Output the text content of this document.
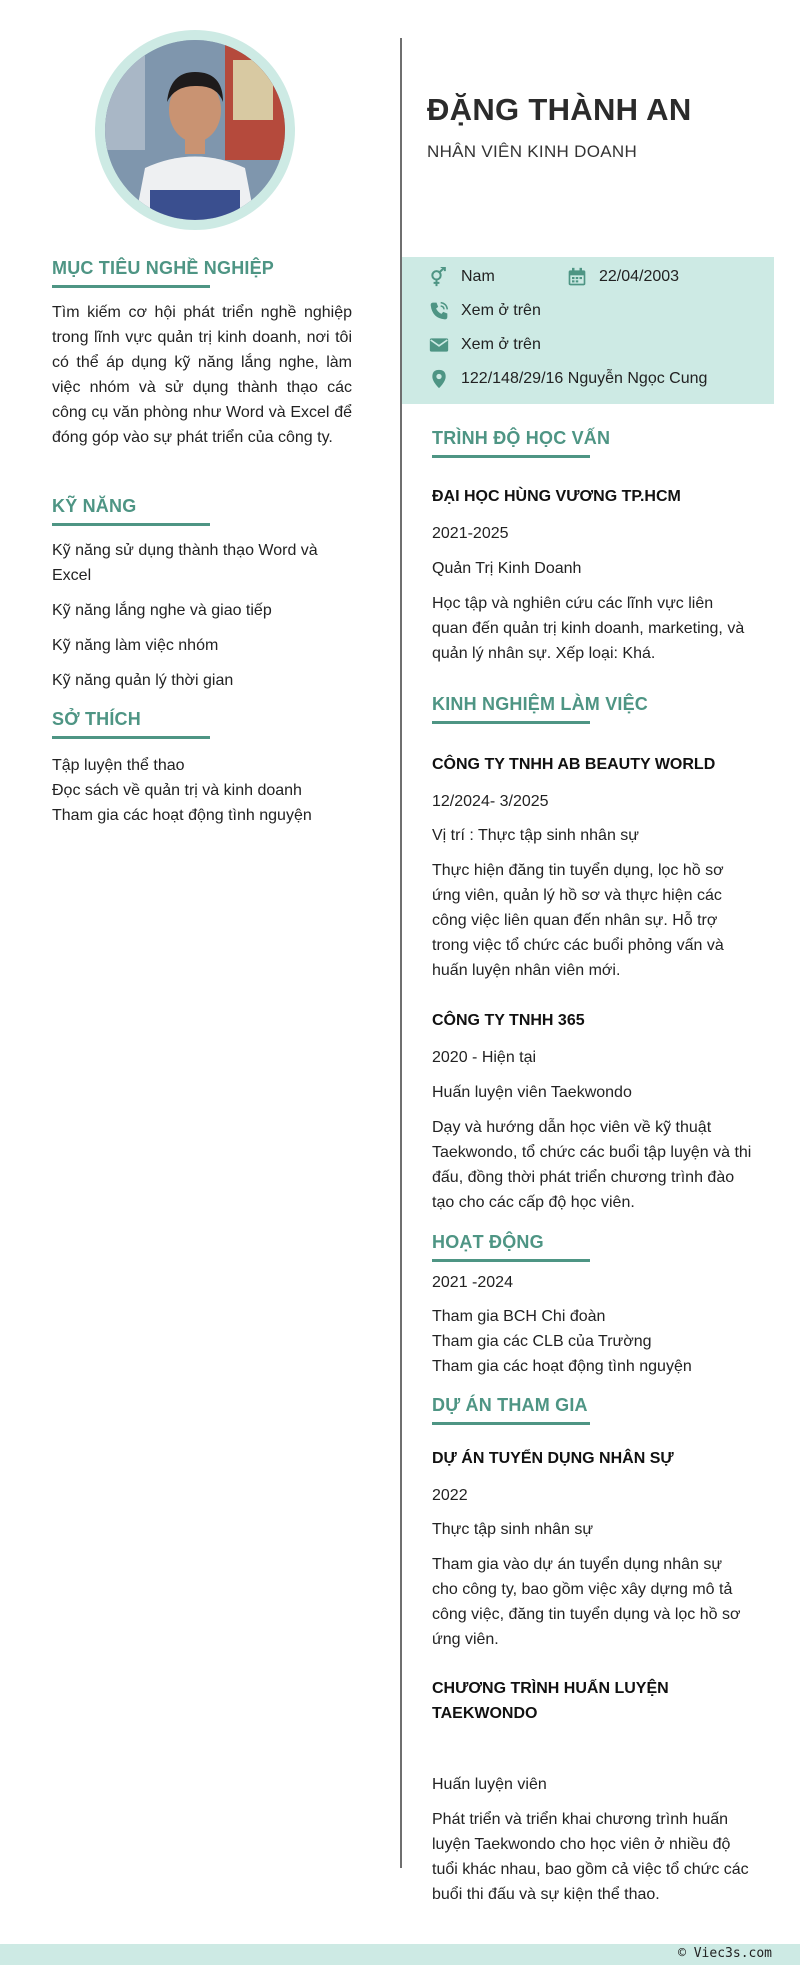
MỤC TIÊU NGHỀ NGHIỆP
Tìm kiếm cơ hội phát triển nghề nghiệp trong lĩnh vực quản trị kinh doanh, nơi tôi có thể áp dụng kỹ năng lắng nghe, làm việc nhóm và sử dụng thành thạo các công cụ văn phòng như Word và Excel để đóng góp vào sự phát triển của công ty.
KỸ NĂNG
Kỹ năng sử dụng thành thạo Word và Excel
Kỹ năng lắng nghe và giao tiếp
Kỹ năng làm việc nhóm
Kỹ năng quản lý thời gian
SỞ THÍCH
Tập luyện thể thao
Đọc sách về quản trị và kinh doanh
Tham gia các hoạt động tình nguyện
ĐẶNG THÀNH AN
NHÂN VIÊN KINH DOANH
Nam	22/04/2003
Xem ở trên
Xem ở trên
122/148/29/16 Nguyễn Ngọc Cung
TRÌNH ĐỘ HỌC VẤN
ĐẠI HỌC HÙNG VƯƠNG TP.HCM
2021-2025
Quản Trị Kinh Doanh
Học tập và nghiên cứu các lĩnh vực liên quan đến quản trị kinh doanh, marketing, và quản lý nhân sự. Xếp loại: Khá.
KINH NGHIỆM LÀM VIỆC
CÔNG TY TNHH AB BEAUTY WORLD
12/2024- 3/2025
Vị trí : Thực tập sinh nhân sự
Thực hiện đăng tin tuyển dụng, lọc hồ sơ ứng viên, quản lý hồ sơ và thực hiện các công việc liên quan đến nhân sự. Hỗ trợ trong việc tổ chức các buổi phỏng vấn và huấn luyện nhân viên mới.
CÔNG TY TNHH 365
2020 - Hiện tại
Huấn luyện viên Taekwondo
Dạy và hướng dẫn học viên về kỹ thuật Taekwondo, tổ chức các buổi tập luyện và thi đấu, đồng thời phát triển chương trình đào tạo cho các cấp độ học viên.
HOẠT ĐỘNG
2021 -2024
Tham gia BCH Chi đoàn
Tham gia các CLB của Trường
Tham gia các hoạt động tình nguyện
DỰ ÁN THAM GIA
DỰ ÁN TUYỂN DỤNG NHÂN SỰ
2022
Thực tập sinh nhân sự
Tham gia vào dự án tuyển dụng nhân sự cho công ty, bao gồm việc xây dựng mô tả công việc, đăng tin tuyển dụng và lọc hồ sơ ứng viên.
CHƯƠNG TRÌNH HUẤN LUYỆN TAEKWONDO
Huấn luyện viên
Phát triển và triển khai chương trình huấn luyện Taekwondo cho học viên ở nhiều độ tuổi khác nhau, bao gồm cả việc tổ chức các buổi thi đấu và sự kiện thể thao.
© Viec3s.com
